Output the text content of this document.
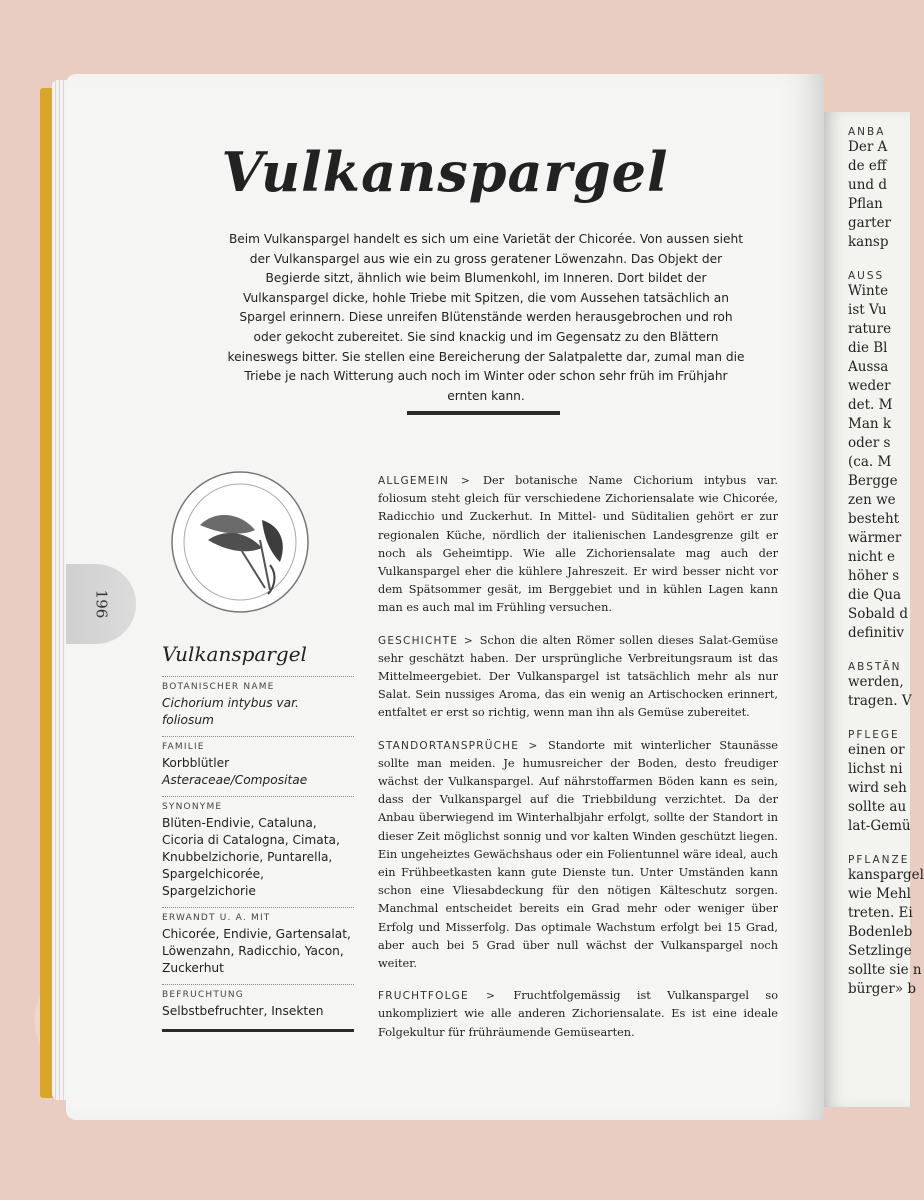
ANBA
Der A
de eff
und d
Pflan
garter
kansp
AUSS
Winte
ist Vu
rature
die Bl
Aussa
weder
det. M
Man k
oder s
(ca. M
Bergge
zen we
besteht
wärmer
nicht e
höher s
die Qua
Sobald d
definitiv
ABSTÄN
werden,
tragen. V
PFLEGE
einen or
lichst ni
wird seh
sollte au
lat-Gemü
PFLANZE
kanspargel
wie Mehl
treten. Ei
Bodenleb
Setzlinge
sollte sie n
bürger» b
Vulkanspargel

Beim Vulkanspargel handelt es sich um eine Varietät der Chicorée. Von aussen sieht der Vulkanspargel aus wie ein zu gross geratener Löwenzahn. Das Objekt der Begierde sitzt, ähnlich wie beim Blumenkohl, im Inneren. Dort bildet der Vulkanspargel dicke, hohle Triebe mit Spitzen, die vom Aussehen tatsächlich an Spargel erinnern. Diese unreifen Blütenstände werden herausgebrochen und roh oder gekocht zubereitet. Sie sind knackig und im Gegensatz zu den Blättern keineswegs bitter. Sie stellen eine Bereicherung der Salatpalette dar, zumal man die Triebe je nach Witterung auch noch im Winter oder schon sehr früh im Frühjahr ernten kann.

196
Vulkanspargel
BOTANISCHER NAME
Cichorium intybus var. foliosum
FAMILIE
Korbblütler
Asteraceae/Compositae
SYNONYME
Blüten-Endivie, Cataluna, Cicoria di Catalogna, Cimata, Knubbelzichorie, Puntarella, Spargelchicorée, Spargelzichorie
ERWANDT U. A. MIT
Chicorée, Endivie, Gartensalat, Löwenzahn, Radicchio, Yacon, Zuckerhut
BEFRUCHTUNG
Selbstbefruchter, Insekten

ALLGEMEIN > Der botanische Name Cichorium intybus var. foliosum steht gleich für verschiedene Zichoriensalate wie Chicorée, Radicchio und Zuckerhut. In Mittel- und Süditalien gehört er zur regionalen Küche, nördlich der italienischen Landesgrenze gilt er noch als Geheimtipp. Wie alle Zichoriensalate mag auch der Vulkanspargel eher die kühlere Jahreszeit. Er wird besser nicht vor dem Spätsommer gesät, im Berggebiet und in kühlen Lagen kann man es auch mal im Frühling versuchen.

GESCHICHTE > Schon die alten Römer sollen dieses Salat-Gemüse sehr geschätzt haben. Der ursprüngliche Verbreitungsraum ist das Mittelmeergebiet. Der Vulkanspargel ist tatsächlich mehr als nur Salat. Sein nussiges Aroma, das ein wenig an Artischocken erinnert, entfaltet er erst so richtig, wenn man ihn als Gemüse zubereitet.

STANDORTANSPRÜCHE > Standorte mit winterlicher Staunässe sollte man meiden. Je humusreicher der Boden, desto freudiger wächst der Vulkanspargel. Auf nährstoffarmen Böden kann es sein, dass der Vulkanspargel auf die Triebbildung verzichtet. Da der Anbau überwiegend im Winterhalbjahr erfolgt, sollte der Standort in dieser Zeit möglichst sonnig und vor kalten Winden geschützt liegen. Ein ungeheiztes Gewächshaus oder ein Folientunnel wäre ideal, auch ein Frühbeetkasten kann gute Dienste tun. Unter Umständen kann schon eine Vliesabdeckung für den nötigen Kälteschutz sorgen. Manchmal entscheidet bereits ein Grad mehr oder weniger über Erfolg und Misserfolg. Das optimale Wachstum erfolgt bei 15 Grad, aber auch bei 5 Grad über null wächst der Vulkanspargel noch weiter.

FRUCHTFOLGE > Fruchtfolgemässig ist Vulkanspargel so unkompliziert wie alle anderen Zichoriensalate. Es ist eine ideale Folgekultur für frühräumende Gemüsearten.
